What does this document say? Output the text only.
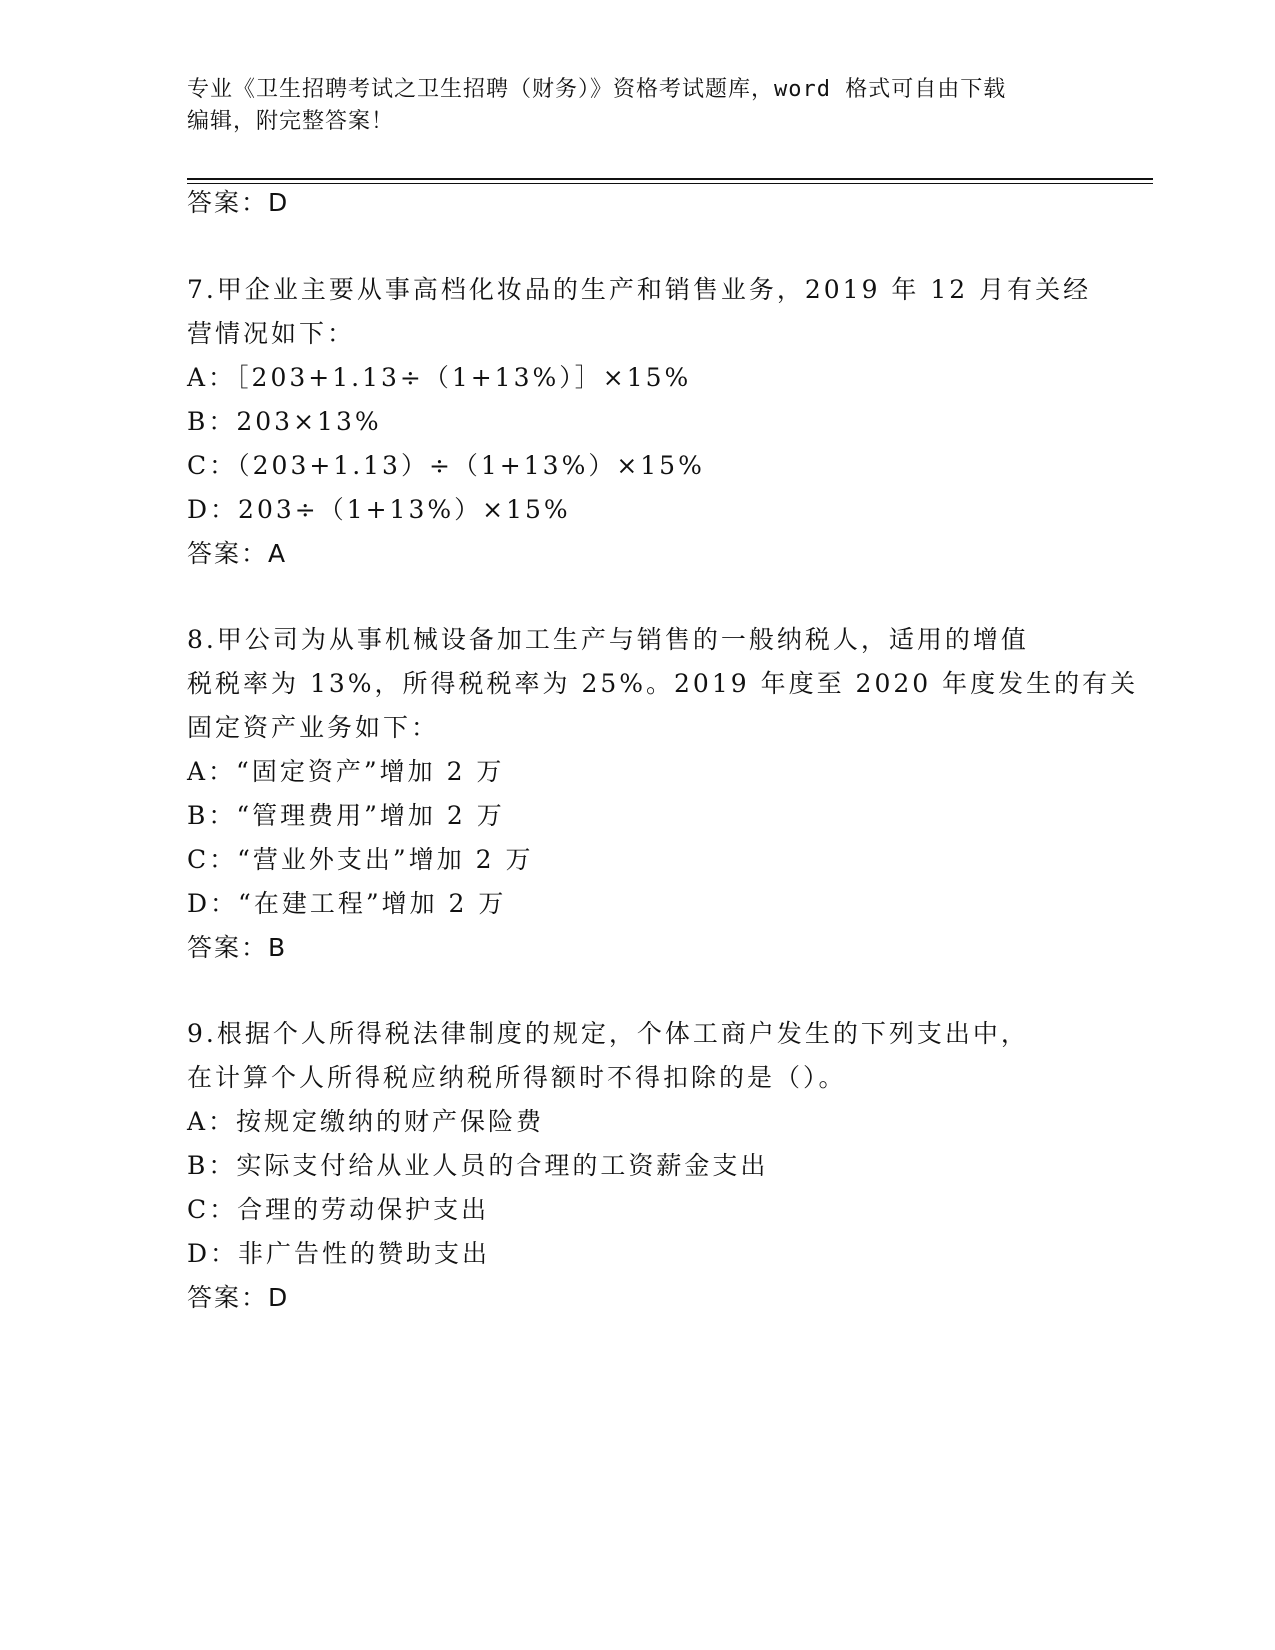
专业《卫生招聘考试之卫生招聘（财务）》资格考试题库，word 格式可自由下载
编辑，附完整答案！
答案：D
7.甲企业主要从事高档化妆品的生产和销售业务，2019 年 12 月有关经
营情况如下：
A：［203+1.13÷（1+13%）］×15%
B：203×13%
C：（203+1.13）÷（1+13%）×15%
D：203÷（1+13%）×15%
答案：A
8.甲公司为从事机械设备加工生产与销售的一般纳税人，适用的增值
税税率为 13%，所得税税率为 25%。2019 年度至 2020 年度发生的有关
固定资产业务如下：
A：“固定资产”增加 2 万
B：“管理费用”增加 2 万
C：“营业外支出”增加 2 万
D：“在建工程”增加 2 万
答案：B
9.根据个人所得税法律制度的规定，个体工商户发生的下列支出中，
在计算个人所得税应纳税所得额时不得扣除的是（）。
A：按规定缴纳的财产保险费
B：实际支付给从业人员的合理的工资薪金支出
C：合理的劳动保护支出
D：非广告性的赞助支出
答案：D
